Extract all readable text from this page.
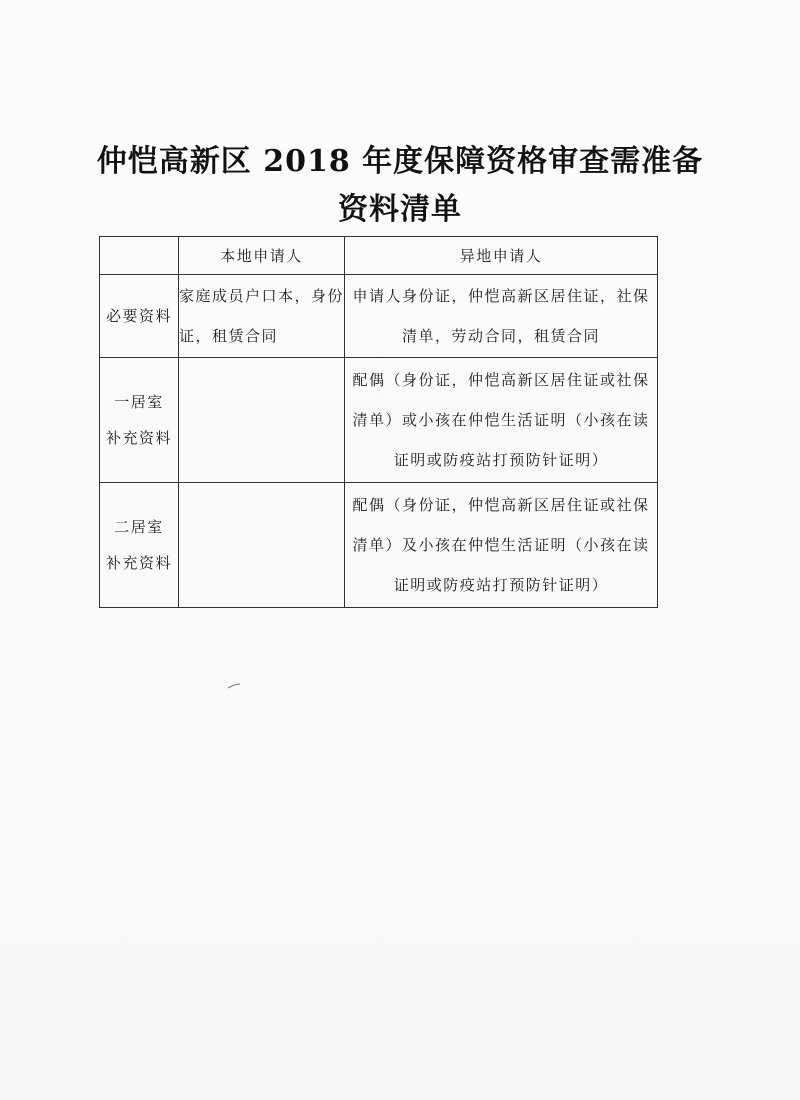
仲恺高新区 2018 年度保障资格审查需准备
资料清单
	本地申请人	异地申请人
必要资料	家庭成员户口本，身份证，租赁合同	申请人身份证，仲恺高新区居住证，社保清单，劳动合同，租赁合同

一居室
补充资料		配偶（身份证，仲恺高新区居住证或社保清单）或小孩在仲恺生活证明（小孩在读证明或防疫站打预防针证明）

二居室
补充资料		配偶（身份证，仲恺高新区居住证或社保清单）及小孩在仲恺生活证明（小孩在读证明或防疫站打预防针证明）
